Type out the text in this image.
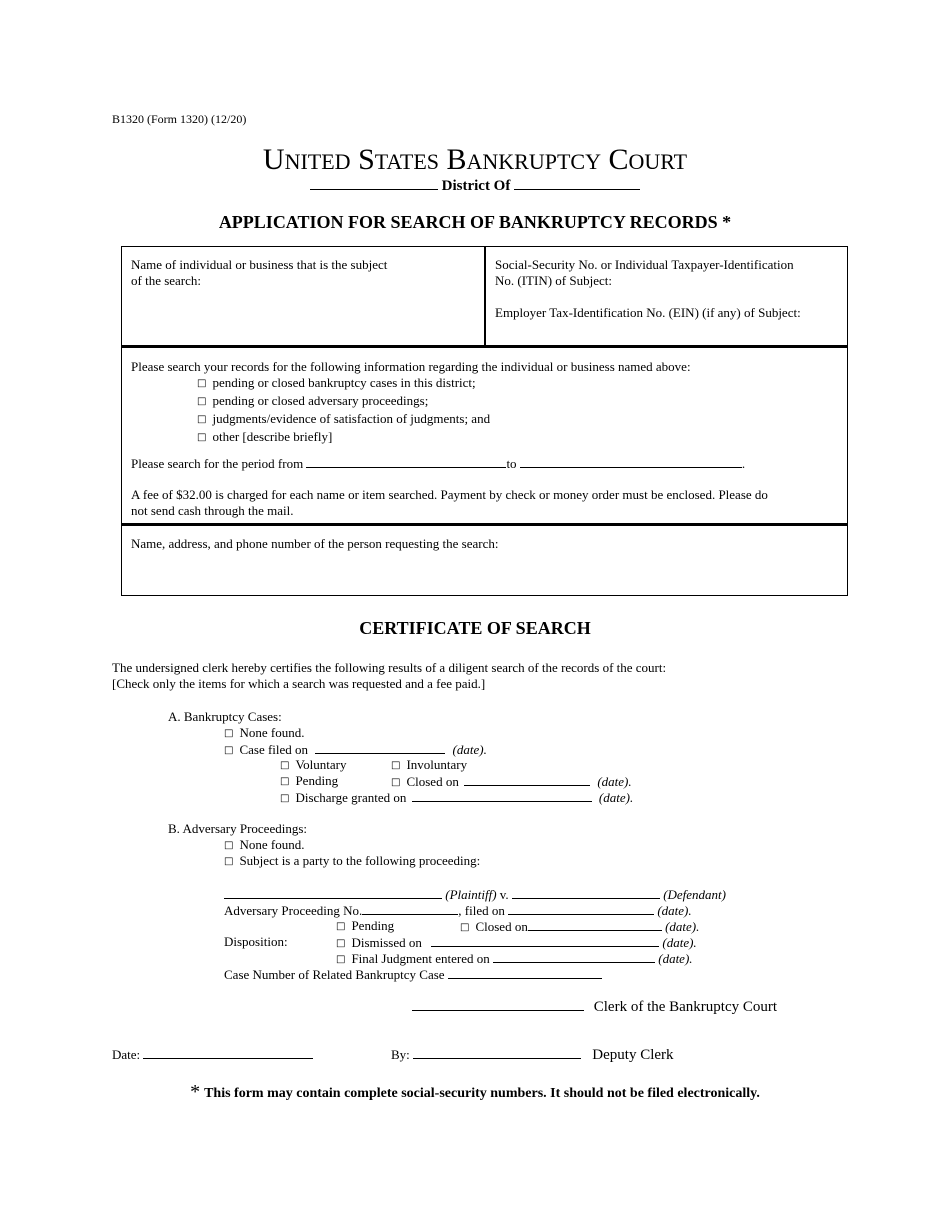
B1320 (Form 1320) (12/20)
UNITED STATES BANKRUPTCY COURT
District Of
APPLICATION FOR SEARCH OF BANKRUPTCY RECORDS *
Name of individual or business that is the subject
of the search:
Social-Security No. or Individual Taxpayer-Identification
No. (ITIN) of Subject:
Employer Tax-Identification No. (EIN) (if any) of Subject:
Please search your records for the following information regarding the individual or business named above:
□ pending or closed bankruptcy cases in this district;
□ pending or closed adversary proceedings;
□ judgments/evidence of satisfaction of judgments; and
□ other [describe briefly]
Please search for the period from	to	.
A fee of $32.00 is charged for each name or item searched. Payment by check or money order must be enclosed. Please do
not send cash through the mail.
Name, address, and phone number of the person requesting the search:
CERTIFICATE OF SEARCH
The undersigned clerk hereby certifies the following results of a diligent search of the records of the court:
[Check only the items for which a search was requested and a fee paid.]
A. Bankruptcy Cases:
□ None found.
□ Case filed on	(date).
□ Voluntary	□ Involuntary
□ Pending	□ Closed on	(date).
□ Discharge granted on	(date).
B. Adversary Proceedings:
□ None found.
□ Subject is a party to the following proceeding:
(Plaintiff) v.	(Defendant)
Adversary Proceeding No.	, filed on	(date).
□ Pending	□ Closed on	(date).
Disposition:	□ Dismissed on	(date).
□ Final Judgment entered on	(date).
Case Number of Related Bankruptcy Case
Clerk of the Bankruptcy Court
Date:	By:	Deputy Clerk
* This form may contain complete social-security numbers. It should not be filed electronically.
